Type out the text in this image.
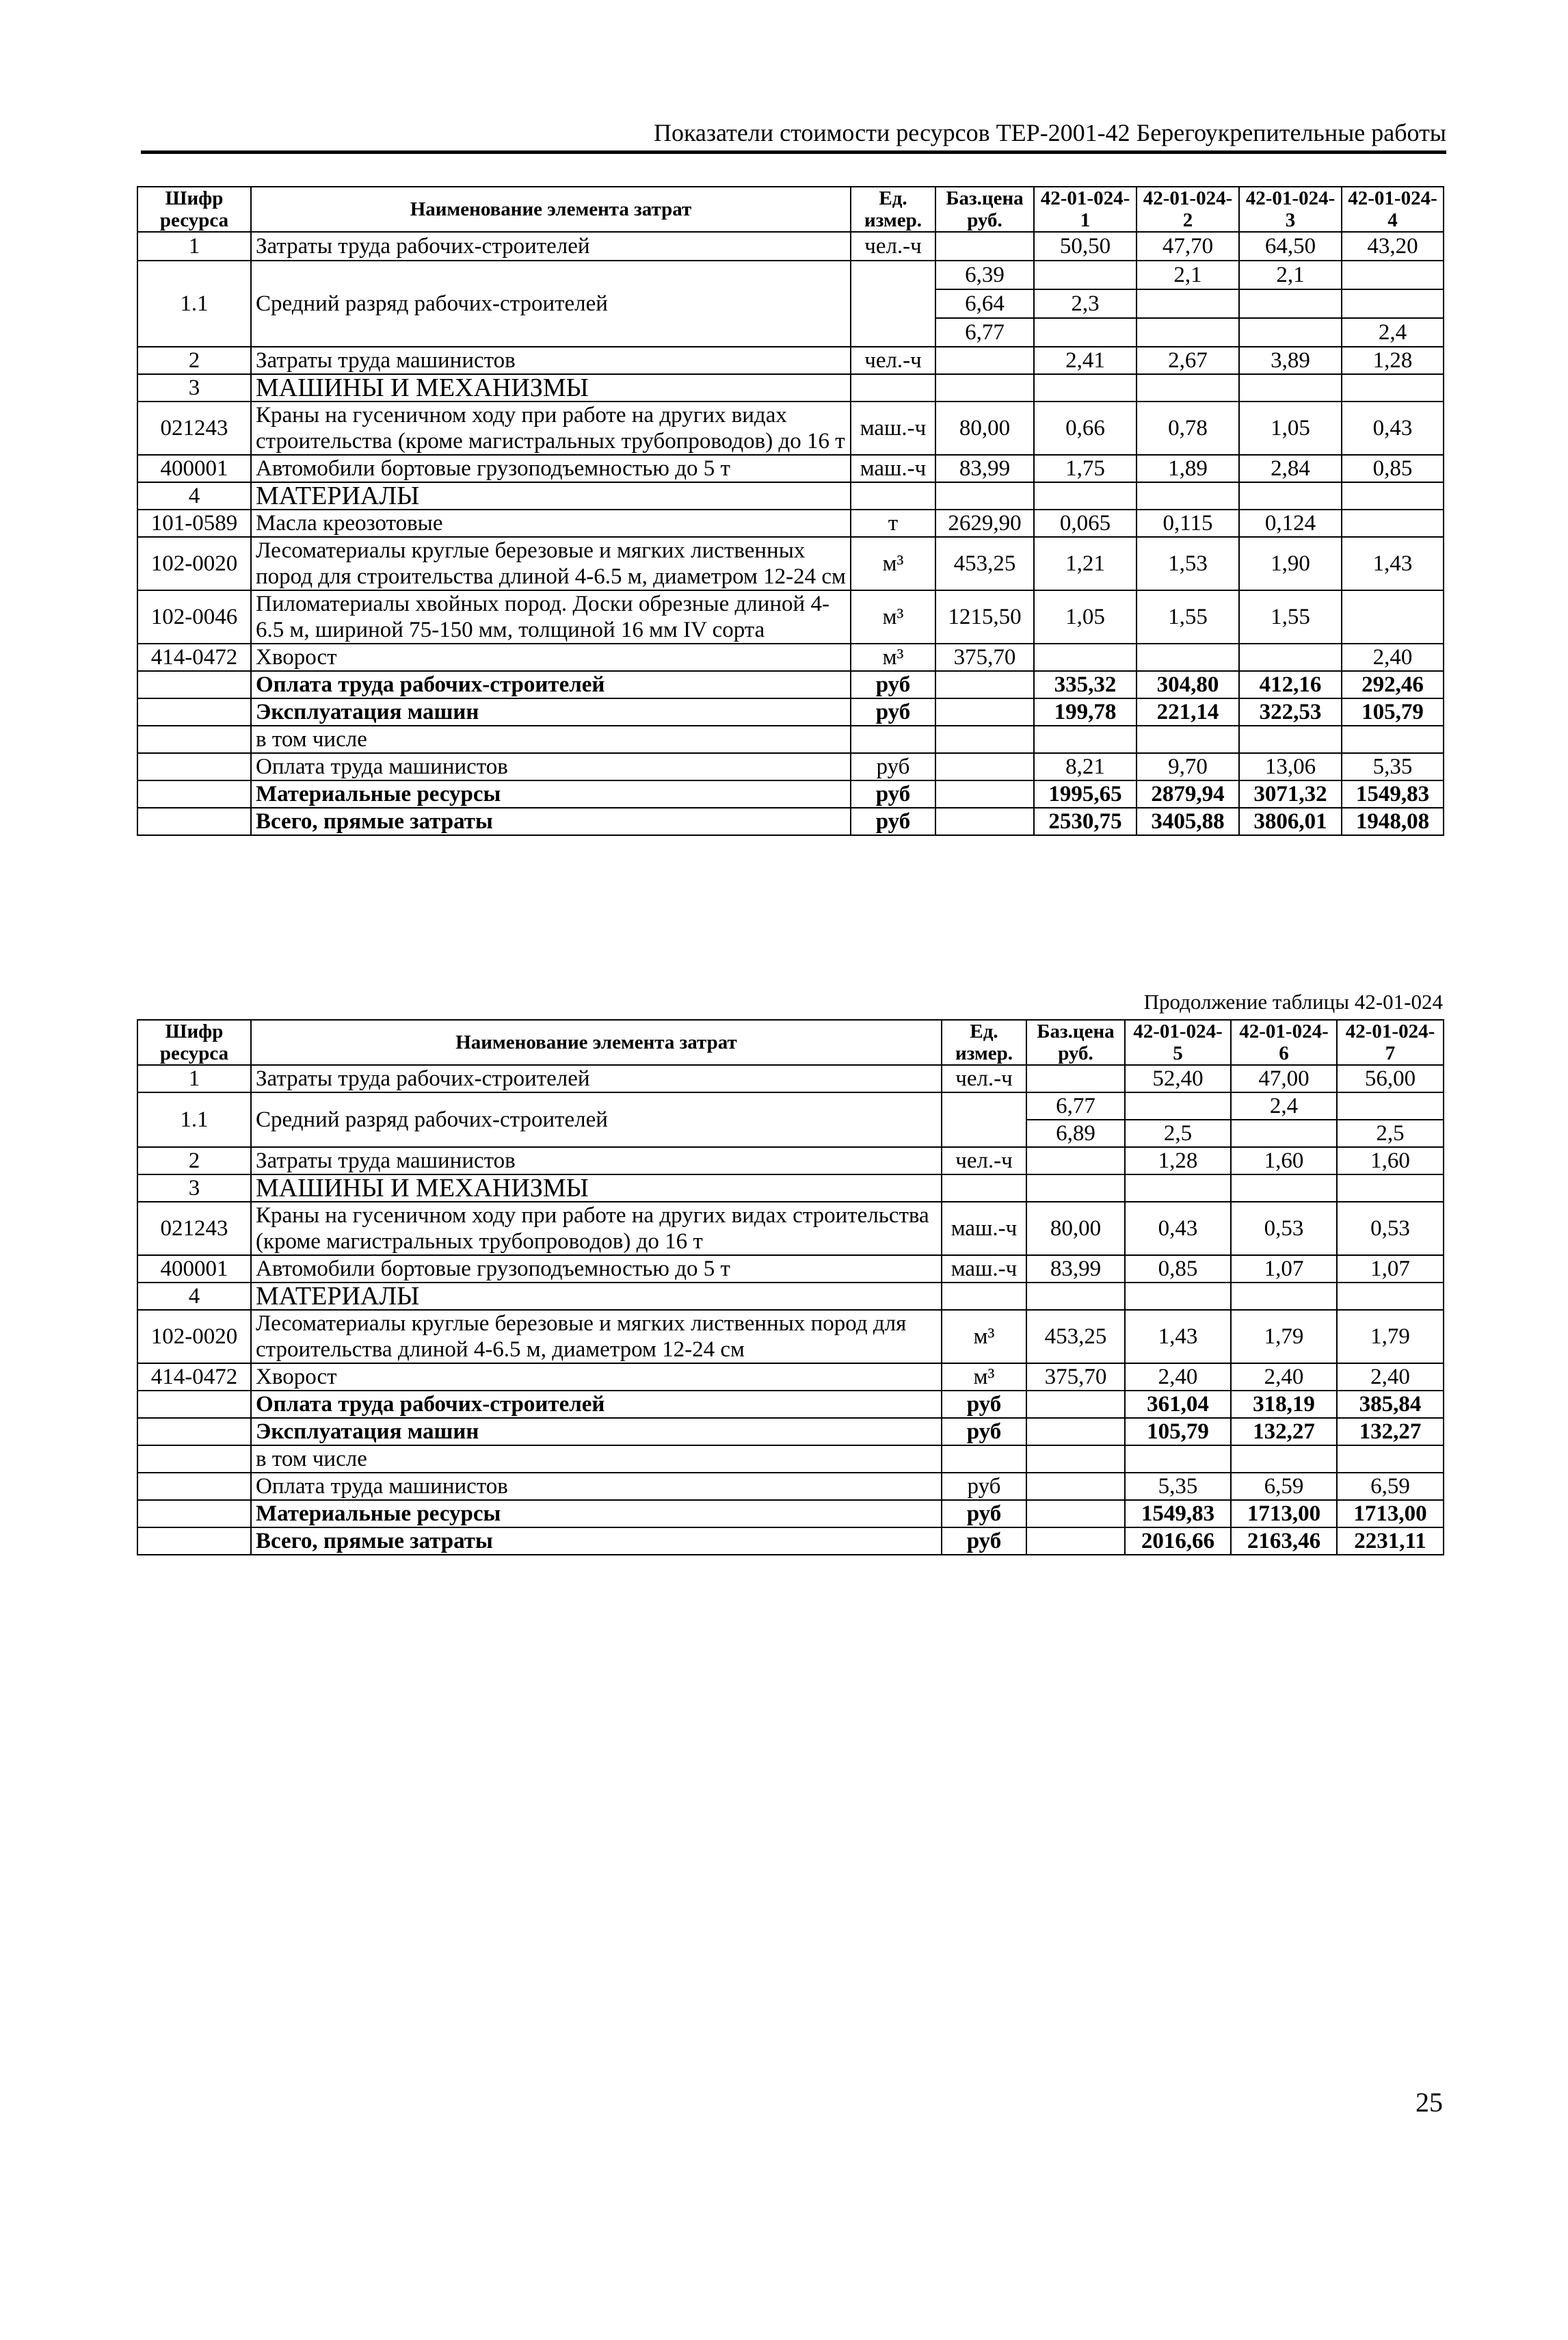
Показатели стоимости ресурсов ТЕР-2001-42 Берегоукрепительные работы
Шифр ресурса	Наименование элемента затрат	Ед. измер.	Баз.цена руб.	42-01-024-1	42-01-024-2	42-01-024-3	42-01-024-4
1	Затраты труда рабочих-строителей	чел.-ч		50,50	47,70	64,50	43,20
1.1	Средний разряд рабочих-строителей		6,39		2,1	2,1	
			6,64	2,3			
			6,77				2,4
2	Затраты труда машинистов	чел.-ч		2,41	2,67	3,89	1,28
3	МАШИНЫ И МЕХАНИЗМЫ						
021243	Краны на гусеничном ходу при работе на других видах строительства (кроме магистральных трубопроводов) до 16 т	маш.-ч	80,00	0,66	0,78	1,05	0,43
400001	Автомобили бортовые грузоподъемностью до 5 т	маш.-ч	83,99	1,75	1,89	2,84	0,85
4	МАТЕРИАЛЫ						
101-0589	Масла креозотовые	т	2629,90	0,065	0,115	0,124	
102-0020	Лесоматериалы круглые березовые и мягких лиственных пород для строительства длиной 4-6.5 м, диаметром 12-24 см	м³	453,25	1,21	1,53	1,90	1,43
102-0046	Пиломатериалы хвойных пород. Доски обрезные длиной 4-6.5 м, шириной 75-150 мм, толщиной 16 мм IV сорта	м³	1215,50	1,05	1,55	1,55	
414-0472	Хворост	м³	375,70				2,40
	Оплата труда рабочих-строителей	руб		335,32	304,80	412,16	292,46
	Эксплуатация машин	руб		199,78	221,14	322,53	105,79
	в том числе						
	Оплата труда машинистов	руб		8,21	9,70	13,06	5,35
	Материальные ресурсы	руб		1995,65	2879,94	3071,32	1549,83
	Всего, прямые затраты	руб		2530,75	3405,88	3806,01	1948,08
Продолжение таблицы 42-01-024
Шифр ресурса	Наименование элемента затрат	Ед. измер.	Баз.цена руб.	42-01-024-5	42-01-024-6	42-01-024-7
1	Затраты труда рабочих-строителей	чел.-ч		52,40	47,00	56,00
1.1	Средний разряд рабочих-строителей		6,77		2,4	
			6,89	2,5		2,5
2	Затраты труда машинистов	чел.-ч		1,28	1,60	1,60
3	МАШИНЫ И МЕХАНИЗМЫ					
021243	Краны на гусеничном ходу при работе на других видах строительства (кроме магистральных трубопроводов) до 16 т	маш.-ч	80,00	0,43	0,53	0,53
400001	Автомобили бортовые грузоподъемностью до 5 т	маш.-ч	83,99	0,85	1,07	1,07
4	МАТЕРИАЛЫ					
102-0020	Лесоматериалы круглые березовые и мягких лиственных пород для строительства длиной 4-6.5 м, диаметром 12-24 см	м³	453,25	1,43	1,79	1,79
414-0472	Хворост	м³	375,70	2,40	2,40	2,40
	Оплата труда рабочих-строителей	руб		361,04	318,19	385,84
	Эксплуатация машин	руб		105,79	132,27	132,27
	в том числе					
	Оплата труда машинистов	руб		5,35	6,59	6,59
	Материальные ресурсы	руб		1549,83	1713,00	1713,00
	Всего, прямые затраты	руб		2016,66	2163,46	2231,11
25
